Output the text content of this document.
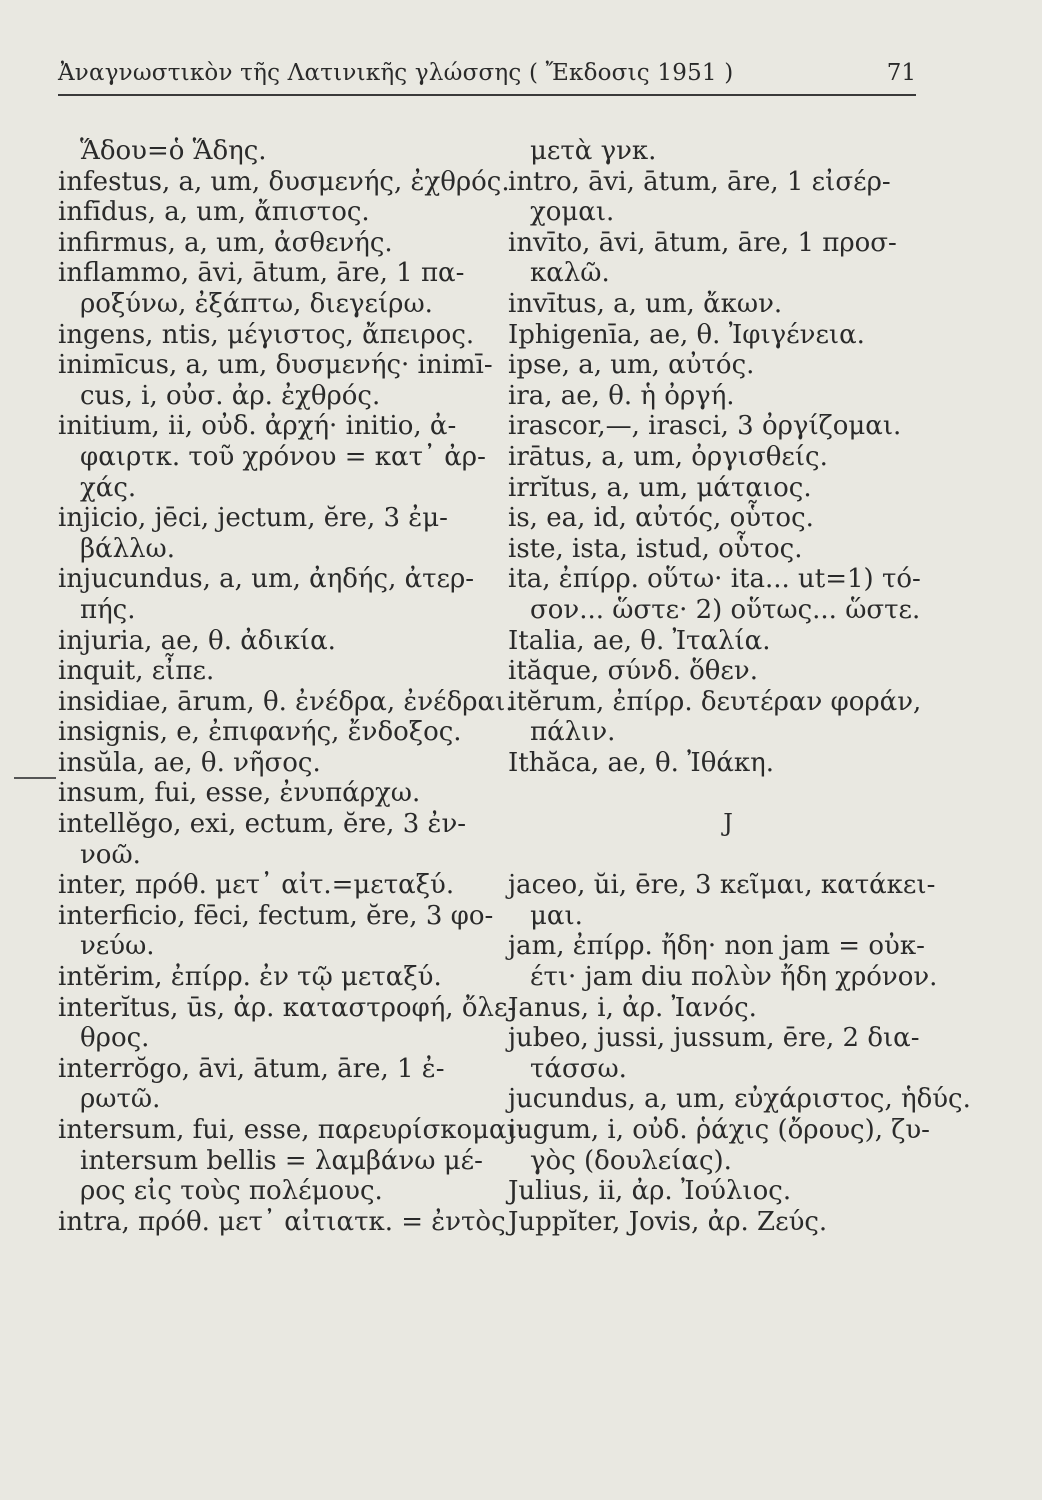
Ἀναγνωστικὸν τῆς Λατινικῆς γλώσσης ( Ἔκδοσις 1951 )	71
Ἅδου=ὁ Ἅδης.
infestus, a, um, δυσμενής, ἐχθρός.
infīdus, a, um, ἄπιστος.
infirmus, a, um, ἀσθενής.
inflammo, āvi, ātum, āre, 1 πα-
ροξύνω, ἐξάπτω, διεγείρω.
ingens, ntis, μέγιστος, ἄπειρος.
inimīcus, a, um, δυσμενής· inimī-
cus, i, οὐσ. ἀρ. ἐχθρός.
initium, ii, οὐδ. ἀρχή· initio, ἀ-
φαιρτκ. τοῦ χρόνου = κατ᾽ ἀρ-
χάς.
injicio, jēci, jectum, ĕre, 3 ἐμ-
βάλλω.
injucundus, a, um, ἀηδής, ἀτερ-
πής.
injuria, ae, θ. ἀδικία.
inquit, εἶπε.
insidiae, ārum, θ. ἐνέδρα, ἐνέδραι.
insignis, e, ἐπιφανής, ἔνδοξος.
insŭla, ae, θ. νῆσος.
insum, fui, esse, ἐνυπάρχω.
intellĕgo, exi, ectum, ĕre, 3 ἐν-
νοῶ.
inter, πρόθ. μετ᾽ αἰτ.=μεταξύ.
interficio, fēci, fectum, ĕre, 3 φο-
νεύω.
intĕrim, ἐπίρρ. ἐν τῷ μεταξύ.
interĭtus, ūs, ἀρ. καταστροφή, ὄλε-
θρος.
interrŏgo, āvi, ātum, āre, 1 ἐ-
ρωτῶ.
intersum, fui, esse, παρευρίσκομαι·
intersum bellis = λαμβάνω μέ-
ρος εἰς τοὺς πολέμους.
intra, πρόθ. μετ᾽ αἰτιατκ. = ἐντὸς
μετὰ γνκ.
intro, āvi, ātum, āre, 1 εἰσέρ-
χομαι.
invīto, āvi, ātum, āre, 1 προσ-
καλῶ.
invītus, a, um, ἄκων.
Iphigenīa, ae, θ. Ἰφιγένεια.
ipse, a, um, αὐτός.
ira, ae, θ. ἡ ὀργή.
irascor,—, irasci, 3 ὀργίζομαι.
irātus, a, um, ὀργισθείς.
irrĭtus, a, um, μάταιος.
is, ea, id, αὐτός, οὗτος.
iste, ista, istud, οὗτος.
ita, ἐπίρρ. οὕτω· ita... ut=1) τό-
σον... ὥστε· 2) οὕτως... ὥστε.
Italia, ae, θ. Ἰταλία.
ităque, σύνδ. ὅθεν.
itĕrum, ἐπίρρ. δευτέραν φοράν,
πάλιν.
Ithăca, ae, θ. Ἰθάκη.
J
jaceo, ŭi, ēre, 3 κεῖμαι, κατάκει-
μαι.
jam, ἐπίρρ. ἤδη· non jam = οὐκ-
έτι· jam diu πολὺν ἤδη χρόνον.
Janus, i, ἀρ. Ἰανός.
jubeo, jussi, jussum, ēre, 2 δια-
τάσσω.
jucundus, a, um, εὐχάριστος, ἡδύς.
jugum, i, οὐδ. ῥάχις (ὄρους), ζυ-
γὸς (δουλείας).
Julius, ii, ἀρ. Ἰούλιος.
Juppĭter, Jovis, ἀρ. Ζεύς.
